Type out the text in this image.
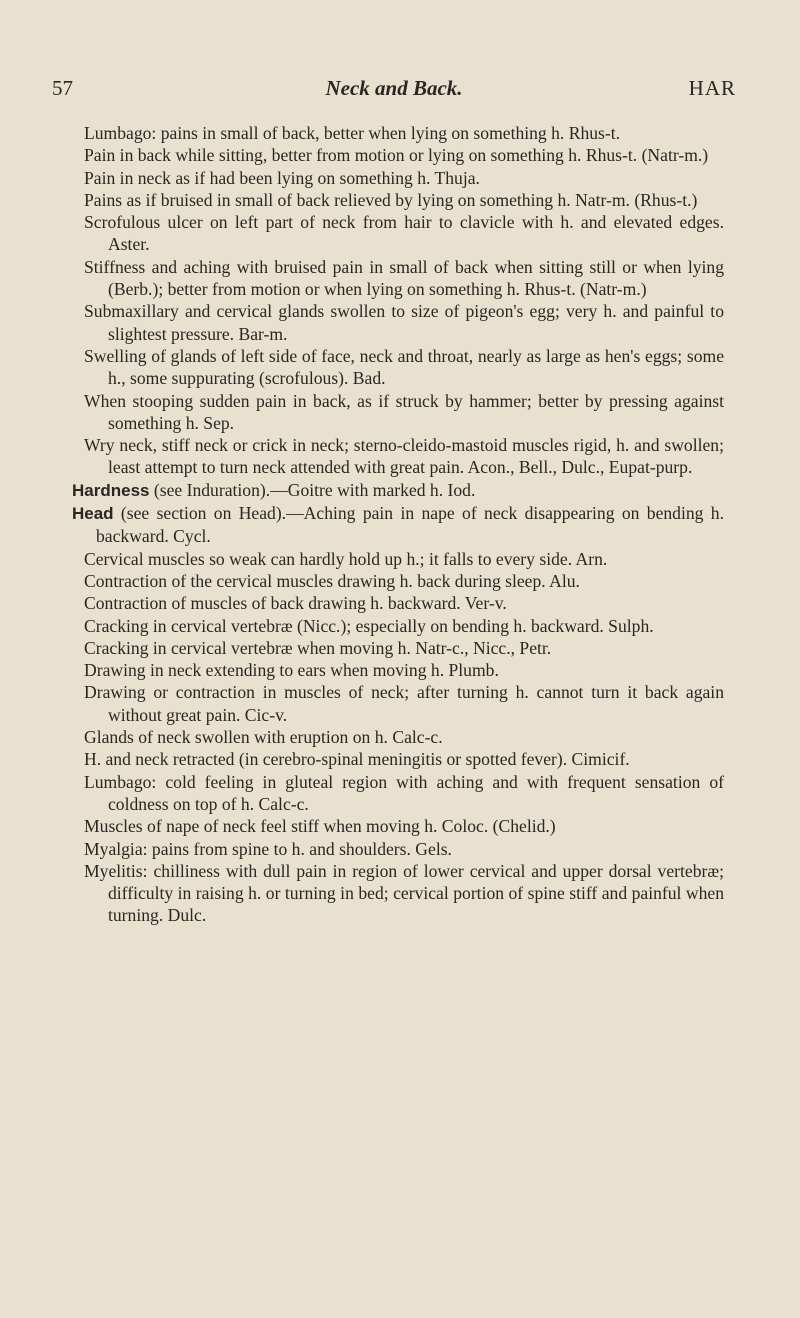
57	Neck and Back.	HAR

Lumbago: pains in small of back, better when lying on something h. Rhus-t.

Pain in back while sitting, better from motion or lying on something h. Rhus-t. (Natr-m.)

Pain in neck as if had been lying on something h. Thuja.

Pains as if bruised in small of back relieved by lying on something h. Natr-m. (Rhus-t.)

Scrofulous ulcer on left part of neck from hair to clavicle with h. and elevated edges. Aster.

Stiffness and aching with bruised pain in small of back when sitting still or when lying (Berb.); better from motion or when lying on something h. Rhus-t. (Natr-m.)

Submaxillary and cervical glands swollen to size of pigeon's egg; very h. and painful to slightest pressure. Bar-m.

Swelling of glands of left side of face, neck and throat, nearly as large as hen's eggs; some h., some suppurating (scrofulous). Bad.

When stooping sudden pain in back, as if struck by hammer; better by pressing against something h. Sep.

Wry neck, stiff neck or crick in neck; sterno-cleido-mastoid muscles rigid, h. and swollen; least attempt to turn neck attended with great pain. Acon., Bell., Dulc., Eupat-purp.

Hardness (see Induration).—Goitre with marked h. Iod.

Head (see section on Head).—Aching pain in nape of neck disappearing on bending h. backward. Cycl.

Cervical muscles so weak can hardly hold up h.; it falls to every side. Arn.

Contraction of the cervical muscles drawing h. back during sleep. Alu.

Contraction of muscles of back drawing h. backward. Ver-v.

Cracking in cervical vertebræ (Nicc.); especially on bending h. backward. Sulph.

Cracking in cervical vertebræ when moving h. Natr-c., Nicc., Petr.

Drawing in neck extending to ears when moving h. Plumb.

Drawing or contraction in muscles of neck; after turning h. cannot turn it back again without great pain. Cic-v.

Glands of neck swollen with eruption on h. Calc-c.

H. and neck retracted (in cerebro-spinal meningitis or spotted fever). Cimicif.

Lumbago: cold feeling in gluteal region with aching and with frequent sensation of coldness on top of h. Calc-c.

Muscles of nape of neck feel stiff when moving h. Coloc. (Chelid.)

Myalgia: pains from spine to h. and shoulders. Gels.

Myelitis: chilliness with dull pain in region of lower cervical and upper dorsal vertebræ; difficulty in raising h. or turning in bed; cervical portion of spine stiff and painful when turning. Dulc.
